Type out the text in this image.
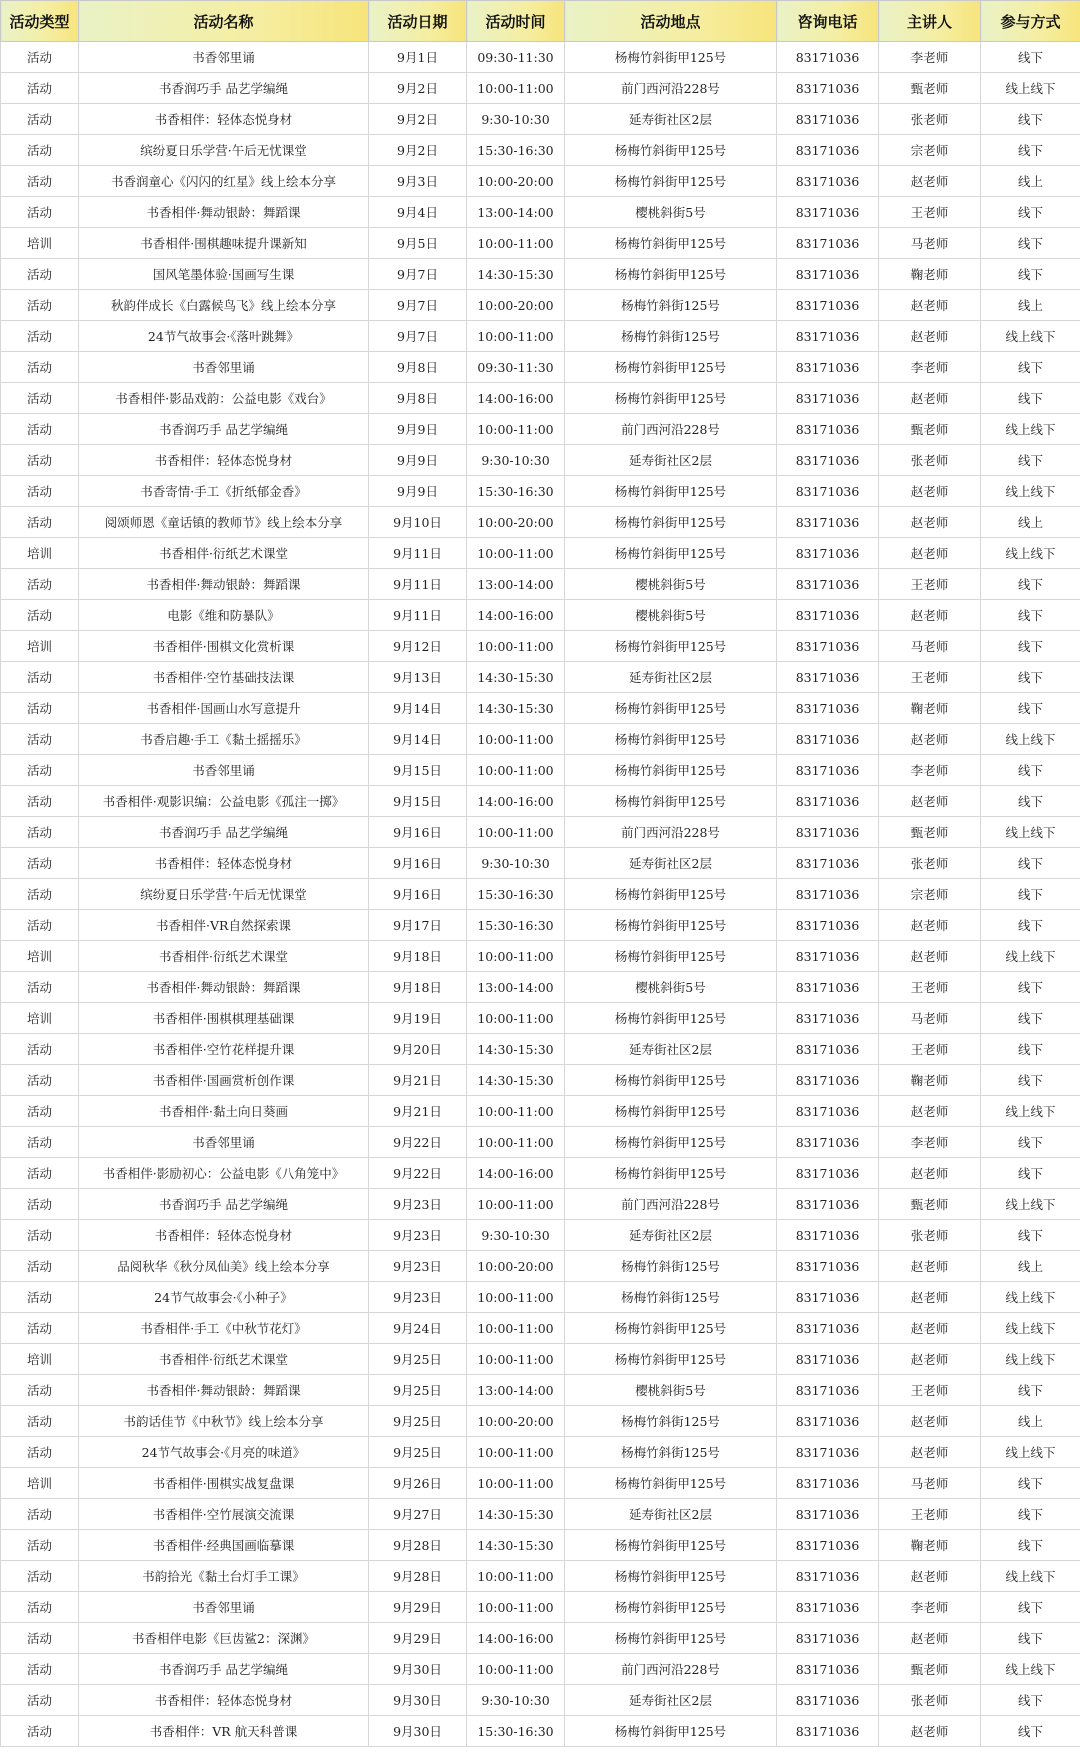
活动类型	活动名称	活动日期	活动时间	活动地点	咨询电话	主讲人	参与方式
活动	书香邻里诵	9月1日	09:30-11:30	杨梅竹斜街甲125号	83171036	李老师	线下
活动	书香润巧手 品艺学编绳	9月2日	10:00-11:00	前门西河沿228号	83171036	甄老师	线上线下
活动	书香相伴：轻体态悦身材	9月2日	9:30-10:30	延寿街社区2层	83171036	张老师	线下
活动	缤纷夏日乐学营·午后无忧课堂	9月2日	15:30-16:30	杨梅竹斜街甲125号	83171036	宗老师	线下
活动	书香润童心《闪闪的红星》线上绘本分享	9月3日	10:00-20:00	杨梅竹斜街甲125号	83171036	赵老师	线上
活动	书香相伴·舞动银龄：舞蹈课	9月4日	13:00-14:00	樱桃斜街5号	83171036	王老师	线下
培训	书香相伴·围棋趣味提升课新知	9月5日	10:00-11:00	杨梅竹斜街甲125号	83171036	马老师	线下
活动	国风笔墨体验·国画写生课	9月7日	14:30-15:30	杨梅竹斜街甲125号	83171036	鞠老师	线下
活动	秋韵伴成长《白露候鸟飞》线上绘本分享	9月7日	10:00-20:00	杨梅竹斜街125号	83171036	赵老师	线上
活动	24节气故事会·《落叶跳舞》	9月7日	10:00-11:00	杨梅竹斜街125号	83171036	赵老师	线上线下
活动	书香邻里诵	9月8日	09:30-11:30	杨梅竹斜街甲125号	83171036	李老师	线下
活动	书香相伴·影品戏韵：公益电影《戏台》	9月8日	14:00-16:00	杨梅竹斜街甲125号	83171036	赵老师	线下
活动	书香润巧手 品艺学编绳	9月9日	10:00-11:00	前门西河沿228号	83171036	甄老师	线上线下
活动	书香相伴：轻体态悦身材	9月9日	9:30-10:30	延寿街社区2层	83171036	张老师	线下
活动	书香寄情·手工《折纸郁金香》	9月9日	15:30-16:30	杨梅竹斜街甲125号	83171036	赵老师	线上线下
活动	阅颂师恩《童话镇的教师节》线上绘本分享	9月10日	10:00-20:00	杨梅竹斜街甲125号	83171036	赵老师	线上
培训	书香相伴·衍纸艺术课堂	9月11日	10:00-11:00	杨梅竹斜街甲125号	83171036	赵老师	线上线下
活动	书香相伴·舞动银龄：舞蹈课	9月11日	13:00-14:00	樱桃斜街5号	83171036	王老师	线下
活动	电影《维和防暴队》	9月11日	14:00-16:00	樱桃斜街5号	83171036	赵老师	线下
培训	书香相伴·围棋文化赏析课	9月12日	10:00-11:00	杨梅竹斜街甲125号	83171036	马老师	线下
活动	书香相伴·空竹基础技法课	9月13日	14:30-15:30	延寿街社区2层	83171036	王老师	线下
活动	书香相伴·国画山水写意提升	9月14日	14:30-15:30	杨梅竹斜街甲125号	83171036	鞠老师	线下
活动	书香启趣·手工《黏土摇摇乐》	9月14日	10:00-11:00	杨梅竹斜街甲125号	83171036	赵老师	线上线下
活动	书香邻里诵	9月15日	10:00-11:00	杨梅竹斜街甲125号	83171036	李老师	线下
活动	书香相伴·观影识编：公益电影《孤注一掷》	9月15日	14:00-16:00	杨梅竹斜街甲125号	83171036	赵老师	线下
活动	书香润巧手 品艺学编绳	9月16日	10:00-11:00	前门西河沿228号	83171036	甄老师	线上线下
活动	书香相伴：轻体态悦身材	9月16日	9:30-10:30	延寿街社区2层	83171036	张老师	线下
活动	缤纷夏日乐学营·午后无忧课堂	9月16日	15:30-16:30	杨梅竹斜街甲125号	83171036	宗老师	线下
活动	书香相伴·VR自然探索课	9月17日	15:30-16:30	杨梅竹斜街甲125号	83171036	赵老师	线下
培训	书香相伴·衍纸艺术课堂	9月18日	10:00-11:00	杨梅竹斜街甲125号	83171036	赵老师	线上线下
活动	书香相伴·舞动银龄：舞蹈课	9月18日	13:00-14:00	樱桃斜街5号	83171036	王老师	线下
培训	书香相伴·围棋棋理基础课	9月19日	10:00-11:00	杨梅竹斜街甲125号	83171036	马老师	线下
活动	书香相伴·空竹花样提升课	9月20日	14:30-15:30	延寿街社区2层	83171036	王老师	线下
活动	书香相伴·国画赏析创作课	9月21日	14:30-15:30	杨梅竹斜街甲125号	83171036	鞠老师	线下
活动	书香相伴·黏土向日葵画	9月21日	10:00-11:00	杨梅竹斜街甲125号	83171036	赵老师	线上线下
活动	书香邻里诵	9月22日	10:00-11:00	杨梅竹斜街甲125号	83171036	李老师	线下
活动	书香相伴·影励初心：公益电影《八角笼中》	9月22日	14:00-16:00	杨梅竹斜街甲125号	83171036	赵老师	线下
活动	书香润巧手 品艺学编绳	9月23日	10:00-11:00	前门西河沿228号	83171036	甄老师	线上线下
活动	书香相伴：轻体态悦身材	9月23日	9:30-10:30	延寿街社区2层	83171036	张老师	线下
活动	品阅秋华《秋分凤仙美》线上绘本分享	9月23日	10:00-20:00	杨梅竹斜街125号	83171036	赵老师	线上
活动	24节气故事会·《小种子》	9月23日	10:00-11:00	杨梅竹斜街125号	83171036	赵老师	线上线下
活动	书香相伴·手工《中秋节花灯》	9月24日	10:00-11:00	杨梅竹斜街甲125号	83171036	赵老师	线上线下
培训	书香相伴·衍纸艺术课堂	9月25日	10:00-11:00	杨梅竹斜街甲125号	83171036	赵老师	线上线下
活动	书香相伴·舞动银龄：舞蹈课	9月25日	13:00-14:00	樱桃斜街5号	83171036	王老师	线下
活动	书韵话佳节《中秋节》线上绘本分享	9月25日	10:00-20:00	杨梅竹斜街125号	83171036	赵老师	线上
活动	24节气故事会·《月亮的味道》	9月25日	10:00-11:00	杨梅竹斜街125号	83171036	赵老师	线上线下
培训	书香相伴·围棋实战复盘课	9月26日	10:00-11:00	杨梅竹斜街甲125号	83171036	马老师	线下
活动	书香相伴·空竹展演交流课	9月27日	14:30-15:30	延寿街社区2层	83171036	王老师	线下
活动	书香相伴·经典国画临摹课	9月28日	14:30-15:30	杨梅竹斜街甲125号	83171036	鞠老师	线下
活动	书韵拾光《黏土台灯手工课》	9月28日	10:00-11:00	杨梅竹斜街甲125号	83171036	赵老师	线上线下
活动	书香邻里诵	9月29日	10:00-11:00	杨梅竹斜街甲125号	83171036	李老师	线下
活动	书香相伴电影《巨齿鲨2：深渊》	9月29日	14:00-16:00	杨梅竹斜街甲125号	83171036	赵老师	线下
活动	书香润巧手 品艺学编绳	9月30日	10:00-11:00	前门西河沿228号	83171036	甄老师	线上线下
活动	书香相伴：轻体态悦身材	9月30日	9:30-10:30	延寿街社区2层	83171036	张老师	线下
活动	书香相伴：VR 航天科普课	9月30日	15:30-16:30	杨梅竹斜街甲125号	83171036	赵老师	线下
